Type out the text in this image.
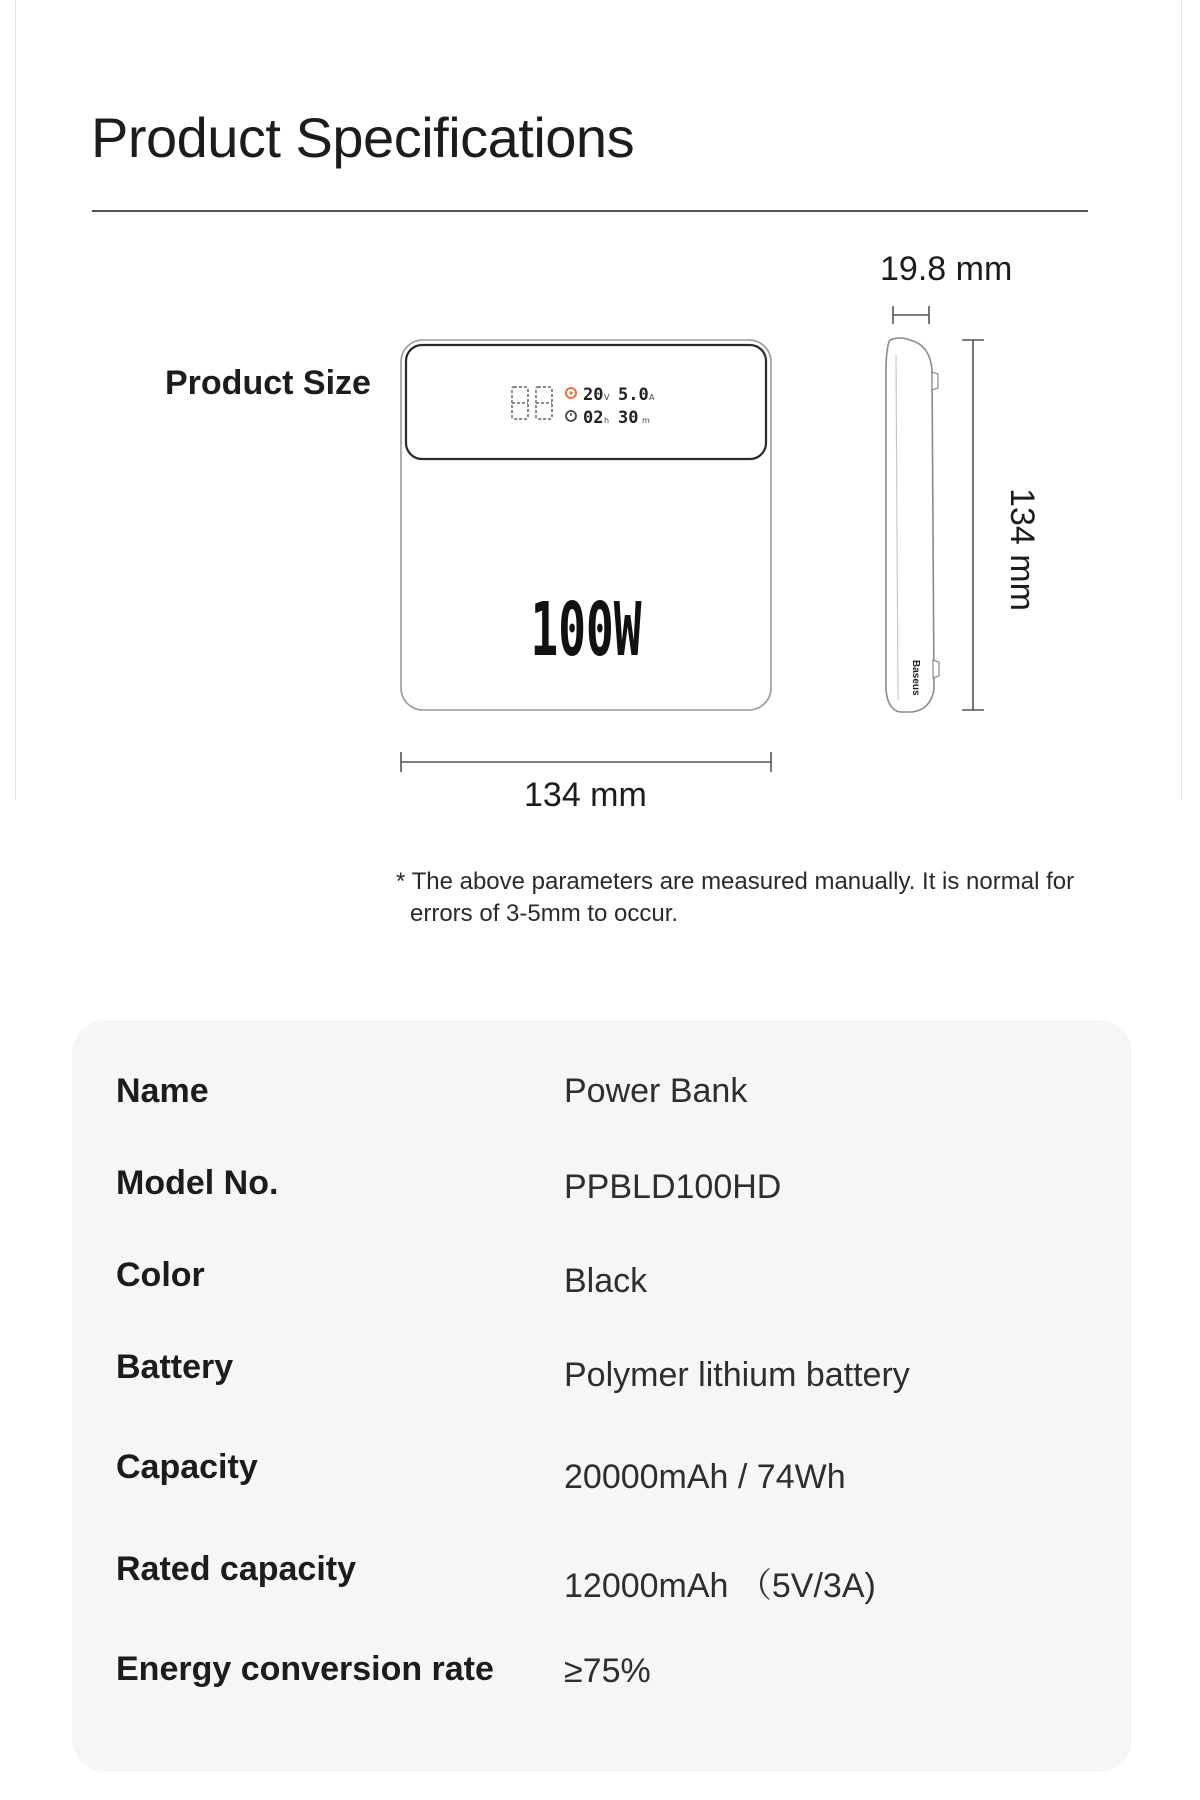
Product Specifications
Product Size	20 V 5.0 A
02 h 30 m
100W
Baseus
19.8 mm
134 mm
134 mm
* The above parameters are measured manually. It is normal for
errors of 3-5mm to occur.
Name	Power Bank
Model No.	PPBLD100HD
Color	Black
Battery	Polymer lithium battery
Capacity	20000mAh / 74Wh
Rated capacity	12000mAh （5V/3A)
Energy conversion rate ≥75%
